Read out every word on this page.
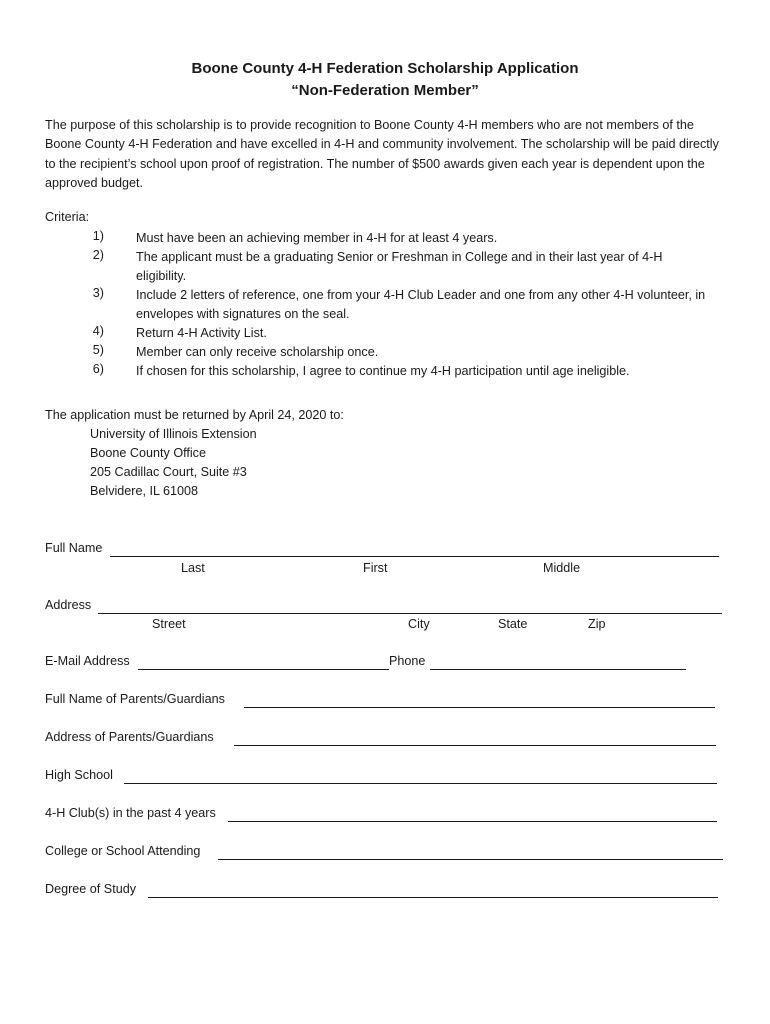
Boone County 4-H Federation Scholarship Application
“Non-Federation Member”
The purpose of this scholarship is to provide recognition to Boone County 4-H members who are not members of the Boone County 4-H Federation and have excelled in 4-H and community involvement. The scholarship will be paid directly to the recipient’s school upon proof of registration. The number of $500 awards given each year is dependent upon the approved budget.
Criteria:
1)	Must have been an achieving member in 4-H for at least 4 years.
2)	The applicant must be a graduating Senior or Freshman in College and in their last year of 4-H eligibility.
3)	Include 2 letters of reference, one from your 4-H Club Leader and one from any other 4-H volunteer, in envelopes with signatures on the seal.
4)	Return 4-H Activity List.
5)	Member can only receive scholarship once.
6)	If chosen for this scholarship, I agree to continue my 4-H participation until age ineligible.
The application must be returned by April 24, 2020 to:
University of Illinois Extension
Boone County Office
205 Cadillac Court, Suite #3
Belvidere, IL 61008
Full Name
Last	First	Middle
Address
Street	City	State	Zip
E-Mail Address	Phone
Full Name of Parents/Guardians
Address of Parents/Guardians
High School
4-H Club(s) in the past 4 years
College or School Attending
Degree of Study
